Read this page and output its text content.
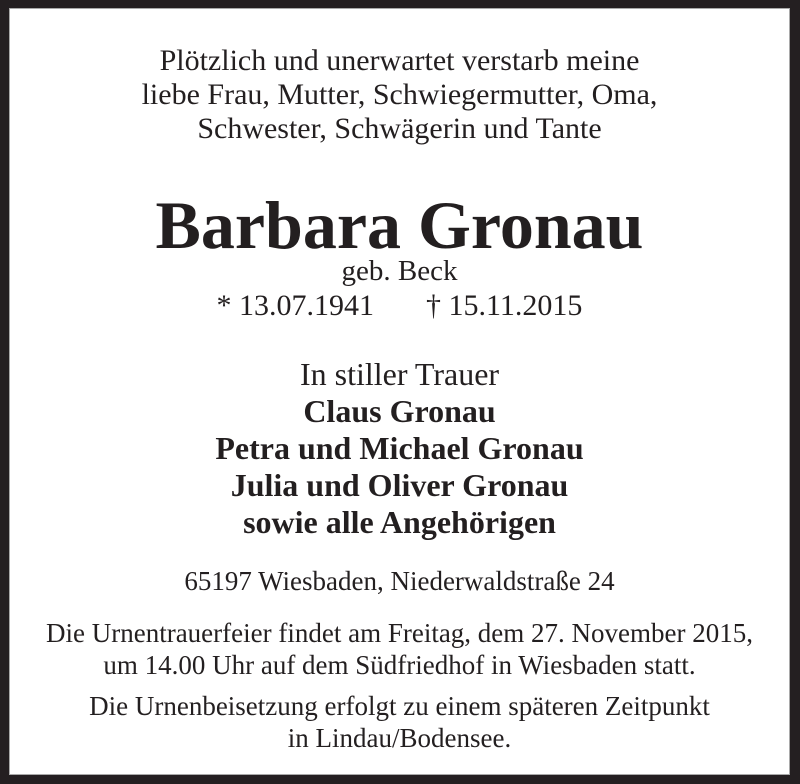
Plötzlich und unerwartet verstarb meine
liebe Frau, Mutter, Schwiegermutter, Oma,
Schwester, Schwägerin und Tante
Barbara Gronau
geb. Beck
* 13.07.1941 † 15.11.2015
In stiller Trauer
Claus Gronau
Petra und Michael Gronau
Julia und Oliver Gronau
sowie alle Angehörigen
65197 Wiesbaden, Niederwaldstraße 24
Die Urnentrauerfeier findet am Freitag, dem 27. November 2015,
um 14.00 Uhr auf dem Südfriedhof in Wiesbaden statt.
Die Urnenbeisetzung erfolgt zu einem späteren Zeitpunkt
in Lindau/Bodensee.
